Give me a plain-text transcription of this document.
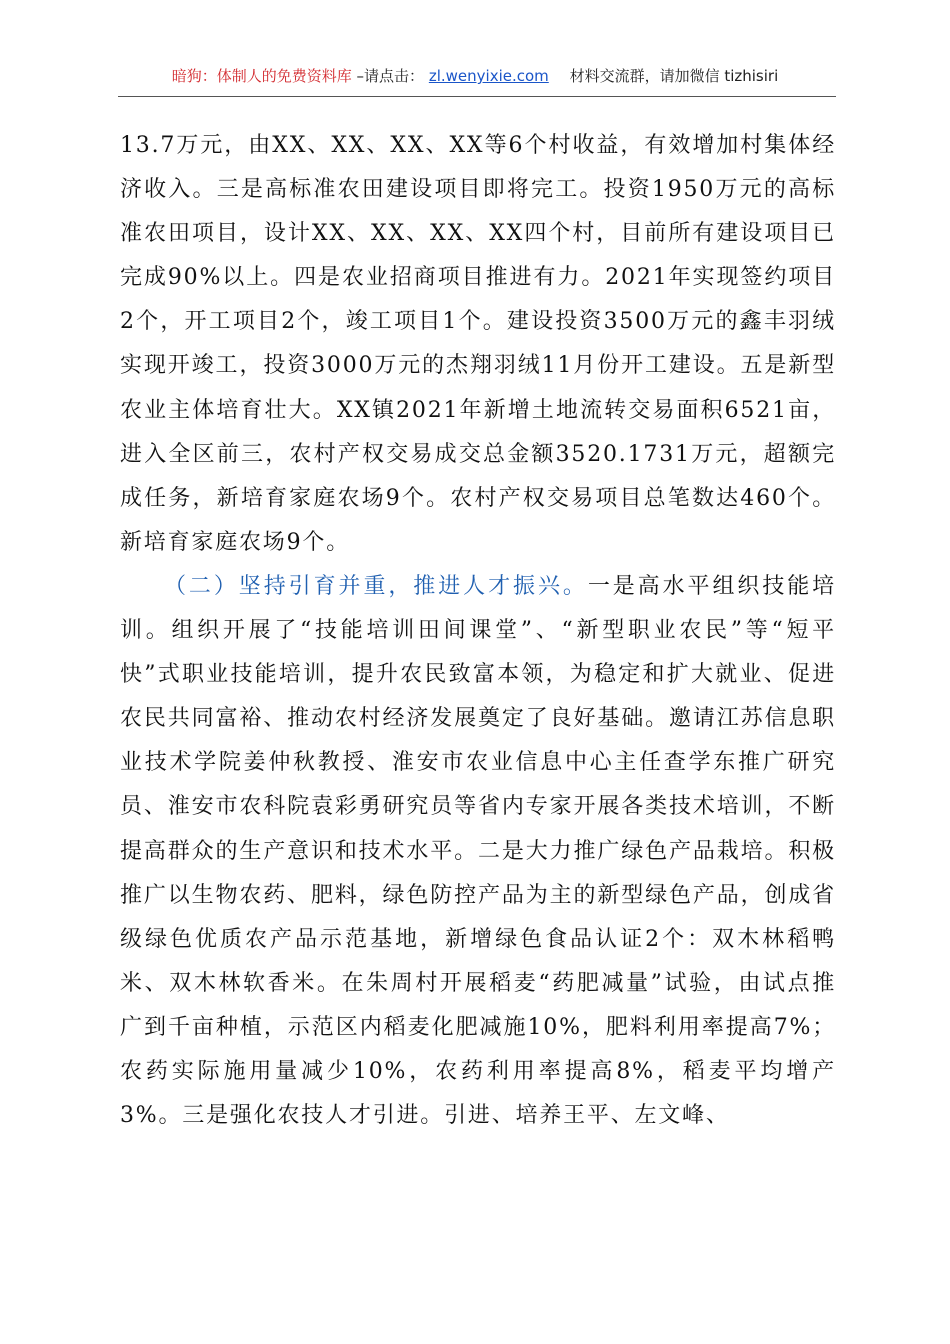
暗狗：体制人的免费资料库 –请点击： zl.wenyixie.com 材料交流群，请加微信 tizhisiri

13.7万元，由XX、XX、XX、XX等6个村收益，有效增加村集体经济收入。三是高标准农田建设项目即将完工。投资1950万元的高标准农田项目，设计XX、XX、XX、XX四个村，目前所有建设项目已完成90%以上。四是农业招商项目推进有力。2021年实现签约项目2个，开工项目2个，竣工项目1个。建设投资3500万元的鑫丰羽绒实现开竣工，投资3000万元的杰翔羽绒11月份开工建设。五是新型农业主体培育壮大。XX镇2021年新增土地流转交易面积6521亩，进入全区前三，农村产权交易成交总金额3520.1731万元，超额完成任务，新培育家庭农场9个。农村产权交易项目总笔数达460个。新培育家庭农场9个。

（二）坚持引育并重，推进人才振兴。一是高水平组织技能培训。组织开展了“技能培训田间课堂”、“新型职业农民”等“短平快”式职业技能培训，提升农民致富本领，为稳定和扩大就业、促进农民共同富裕、推动农村经济发展奠定了良好基础。邀请江苏信息职业技术学院姜仲秋教授、淮安市农业信息中心主任查学东推广研究员、淮安市农科院袁彩勇研究员等省内专家开展各类技术培训，不断提高群众的生产意识和技术水平。二是大力推广绿色产品栽培。积极推广以生物农药、肥料，绿色防控产品为主的新型绿色产品，创成省级绿色优质农产品示范基地，新增绿色食品认证2个：双木林稻鸭米、双木林软香米。在朱周村开展稻麦“药肥减量”试验，由试点推广到千亩种植，示范区内稻麦化肥减施10%，肥料利用率提高7%；农药实际施用量减少10%，农药利用率提高8%，稻麦平均增产3%。三是强化农技人才引进。引进、培养王平、左文峰、
